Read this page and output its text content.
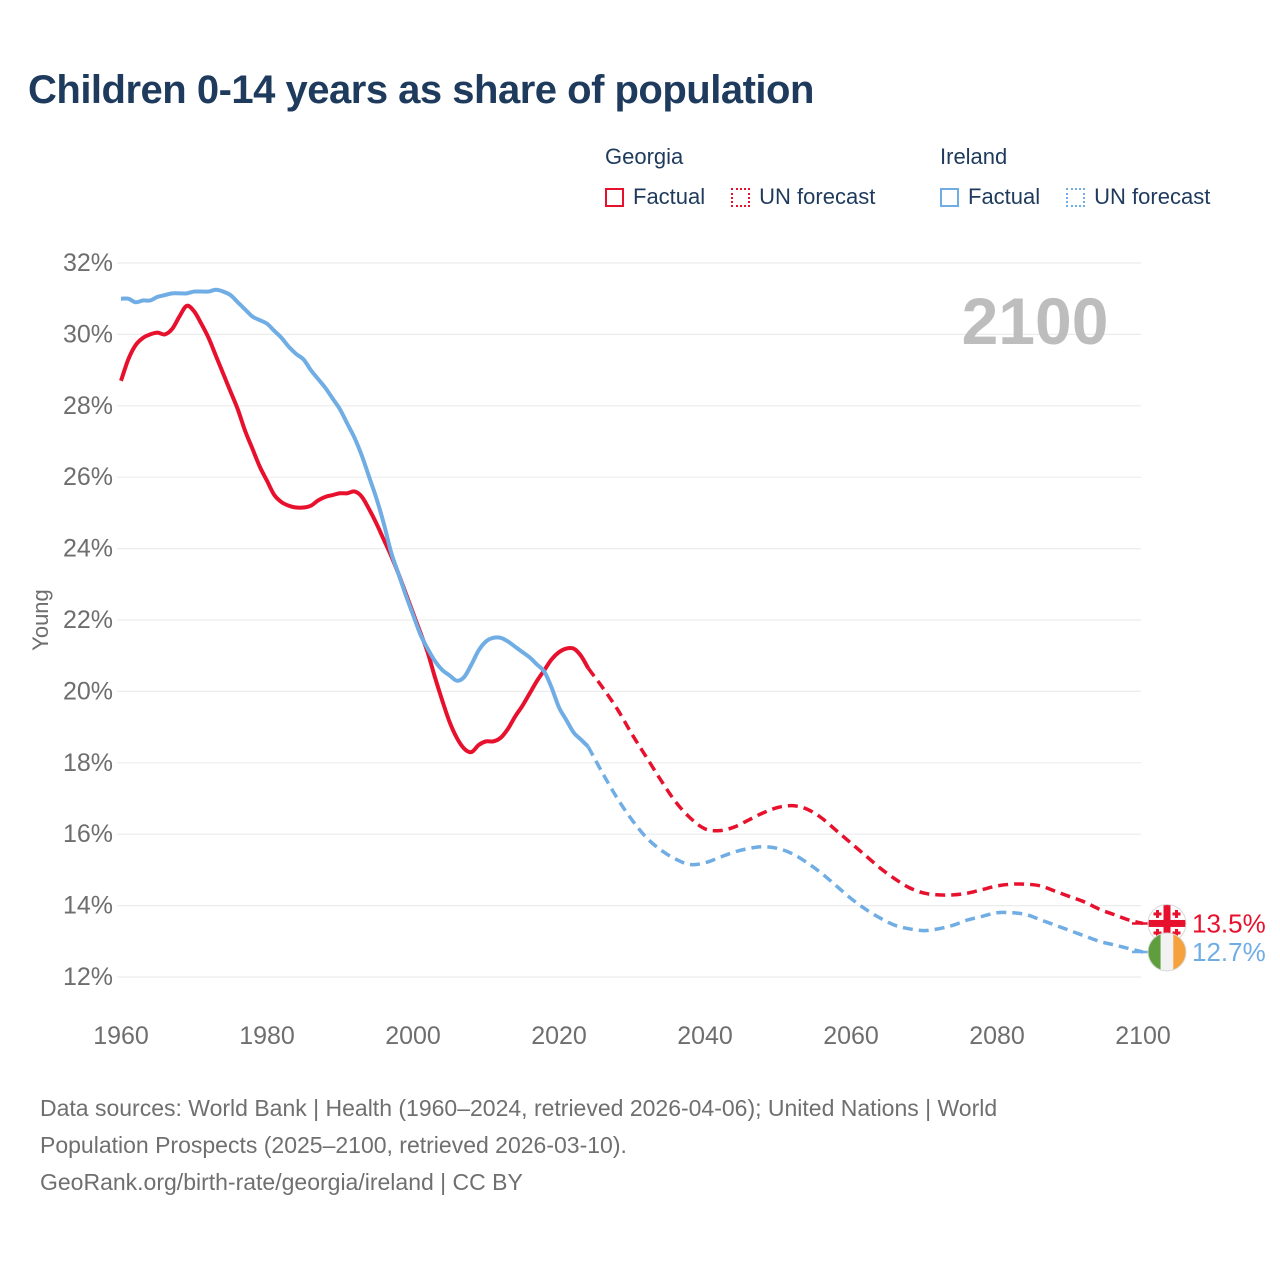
Children 0-14 years as share of population
Georgia
Factual UN forecast
Ireland
Factual UN forecast
32%
30%
28%
26%
24%
22%
20%
18%
16%
14%
12%
1960	1980	2000	2020	2040	2060	2080	2100
Young
2100
13.5%
12.7%
Data sources: World Bank | Health (1960–2024, retrieved 2026-04-06); United Nations | World
Population Prospects (2025–2100, retrieved 2026-03-10).
GeoRank.org/birth-rate/georgia/ireland | CC BY
